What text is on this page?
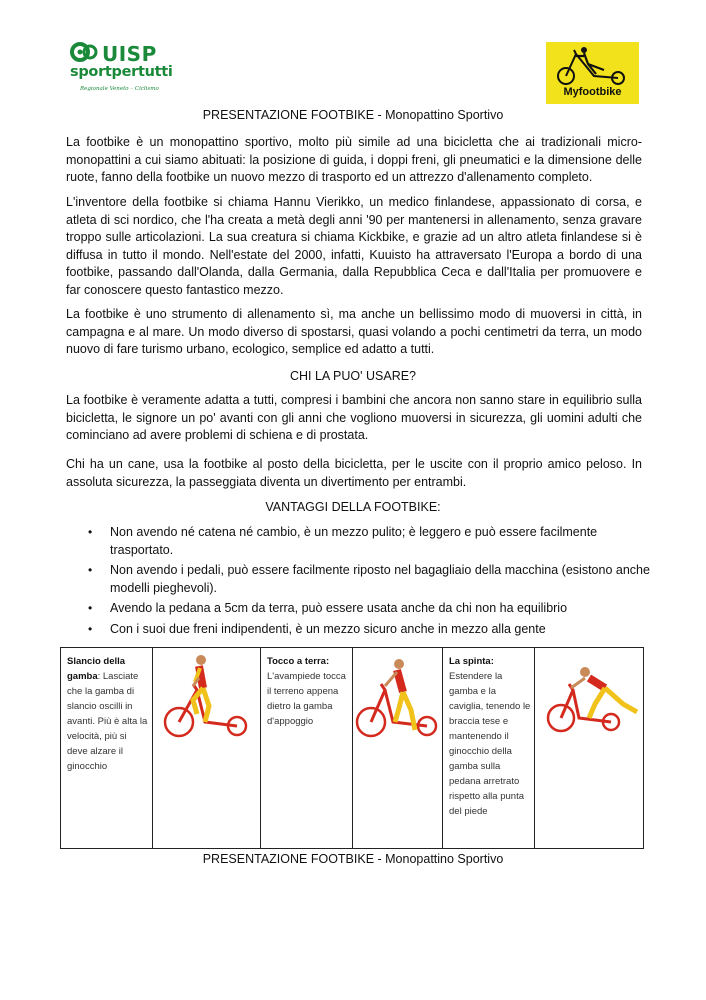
UISP
sportpertutti
Regionale Veneto – Ciclismo	Myfootbike
PRESENTAZIONE FOOTBIKE - Monopattino Sportivo

La footbike è un monopattino sportivo, molto più simile ad una bicicletta che ai tradizionali micro-monopattini a cui siamo abituati: la posizione di guida, i doppi freni, gli pneumatici e la dimensione delle ruote, fanno della footbike un nuovo mezzo di trasporto ed un attrezzo d'allenamento completo.

L'inventore della footbike si chiama Hannu Vierikko, un medico finlandese, appassionato di corsa, e atleta di sci nordico, che l'ha creata a metà degli anni '90 per mantenersi in allenamento, senza gravare troppo sulle articolazioni. La sua creatura si chiama Kickbike, e grazie ad un altro atleta finlandese si è diffusa in tutto il mondo. Nell'estate del 2000, infatti, Kuuisto ha attraversato l'Europa a bordo di una footbike, passando dall'Olanda, dalla Germania, dalla Repubblica Ceca e dall'Italia per promuovere e far conoscere questo fantastico mezzo.

La footbike è uno strumento di allenamento sì, ma anche un bellissimo modo di muoversi in città, in campagna e al mare. Un modo diverso di spostarsi, quasi volando a pochi centimetri da terra, un modo nuovo di fare turismo urbano, ecologico, semplice ed adatto a tutti.

CHI LA PUO' USARE?

La footbike è veramente adatta a tutti, compresi i bambini che ancora non sanno stare in equilibrio sulla bicicletta, le signore un po' avanti con gli anni che vogliono muoversi in sicurezza, gli uomini adulti che cominciano ad avere problemi di schiena e di prostata.

Chi ha un cane, usa la footbike al posto della bicicletta, per le uscite con il proprio amico peloso. In assoluta sicurezza, la passeggiata diventa un divertimento per entrambi.

VANTAGGI DELLA FOOTBIKE:
• Non avendo né catena né cambio, è un mezzo pulito; è leggero e può essere facilmente trasportato.
• Non avendo i pedali, può essere facilmente riposto nel bagagliaio della macchina (esistono anche modelli pieghevoli).
• Avendo la pedana a 5cm da terra, può essere usata anche da chi non ha equilibrio
• Con i suoi due freni indipendenti, è un mezzo sicuro anche in mezzo alla gente
Slancio della gamba: Lasciate che la gamba di slancio oscilli in avanti. Più è alta la velocità, più si deve alzare il ginocchio
Tocco a terra:
L'avampiede tocca il terreno appena dietro la gamba d'appoggio
La spinta:
Estendere la gamba e la caviglia, tenendo le braccia tese e mantenendo il ginocchio della gamba sulla pedana arretrato rispetto alla punta del piede
PRESENTAZIONE FOOTBIKE - Monopattino Sportivo
